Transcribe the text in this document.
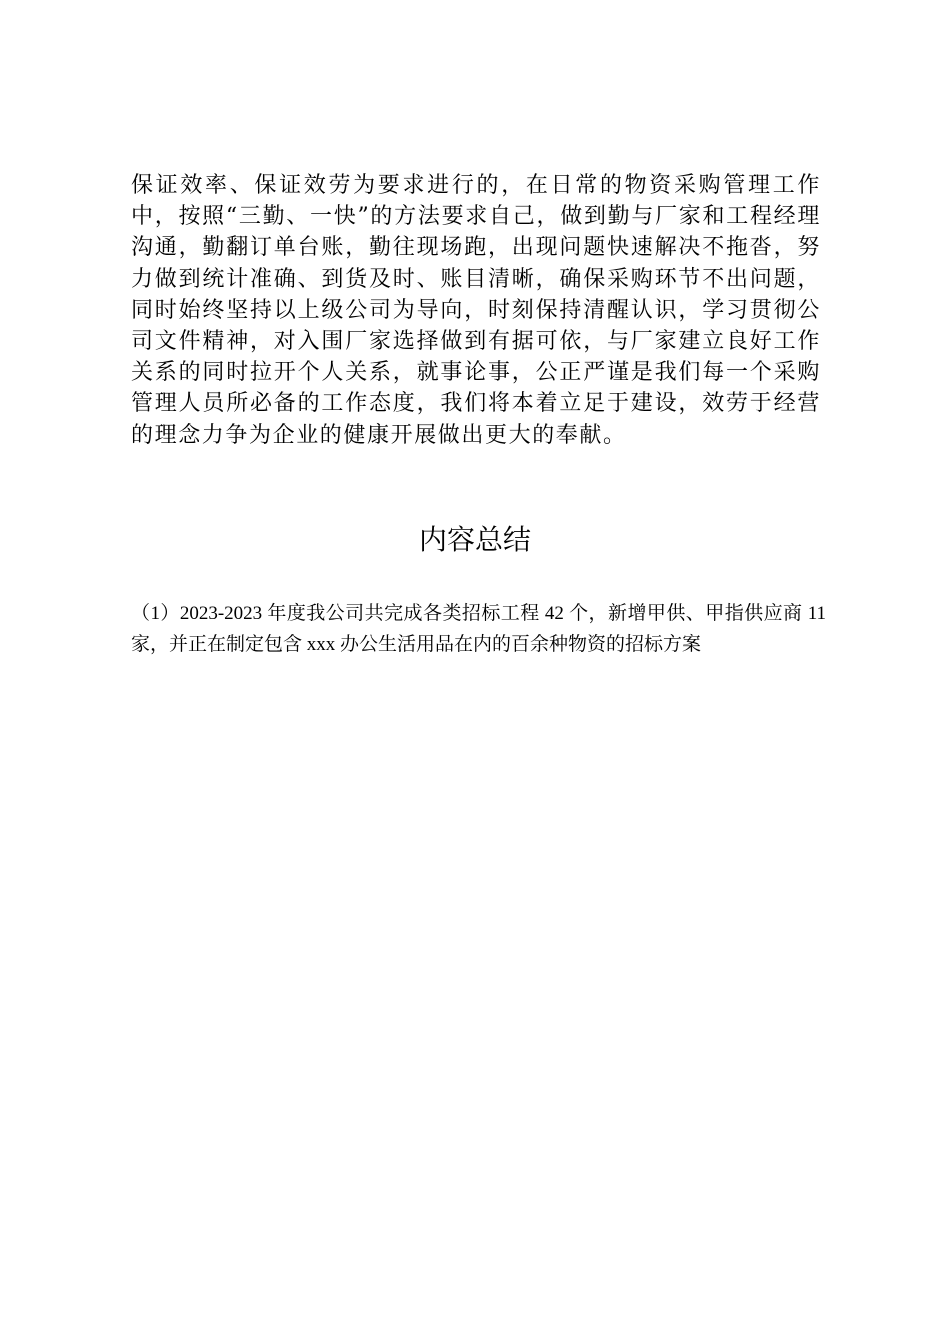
保证效率、保证效劳为要求进行的，在日常的物资采购管理工作中，按照“三勤、一快”的方法要求自己，做到勤与厂家和工程经理沟通，勤翻订单台账，勤往现场跑，出现问题快速解决不拖沓，努力做到统计准确、到货及时、账目清晰，确保采购环节不出问题，同时始终坚持以上级公司为导向，时刻保持清醒认识，学习贯彻公司文件精神，对入围厂家选择做到有据可依，与厂家建立良好工作关系的同时拉开个人关系，就事论事，公正严谨是我们每一个采购管理人员所必备的工作态度，我们将本着立足于建设，效劳于经营的理念力争为企业的健康开展做出更大的奉献。

内容总结

（1）2023-2023 年度我公司共完成各类招标工程 42 个，新增甲供、甲指供应商 11 家，并正在制定包含 xxx 办公生活用品在内的百余种物资的招标方案
